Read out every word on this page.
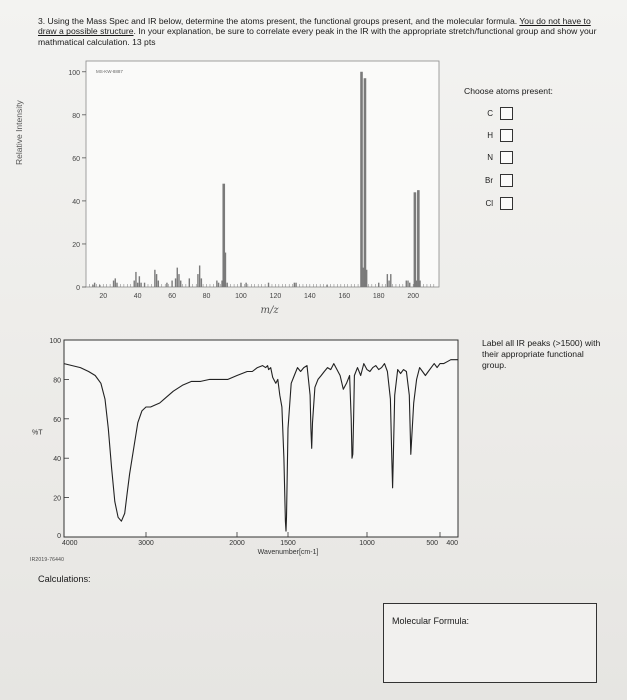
3. Using the Mass Spec and IR below, determine the atoms present, the functional groups present, and the molecular formula. You do not have to draw a possible structure. In your explanation, be sure to correlate every peak in the IR with the appropriate stretch/functional group and show your mathmatical calculation. 13 pts
Relative Intensity
MS-KW-8887
0
20
40
60
80
100
20	40	60	80	100	120	140	160	180	200
m/z
Choose atoms present:
C
H
N
Br
Cl
20
40
60
80
100
0
%T
4000	3000	2000	1500	1000	500 400
Wavenumber[cm-1]
Label all IR peaks (>1500) with their appropriate functional group.
IR2019-76440
Calculations:
Molecular Formula:
